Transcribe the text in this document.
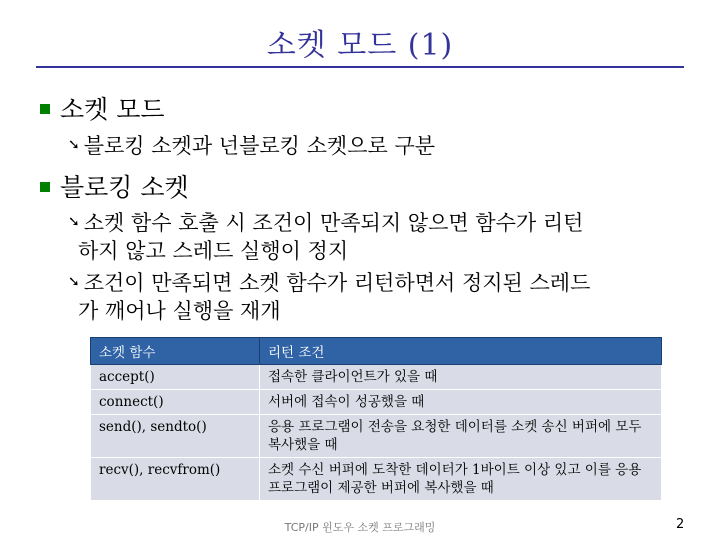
소켓 모드 (1)
소켓 모드
➘ 블로킹 소켓과 넌블로킹 소켓으로 구분
블로킹 소켓
➘ 소켓 함수 호출 시 조건이 만족되지 않으면 함수가 리턴
하지 않고 스레드 실행이 정지
➘ 조건이 만족되면 소켓 함수가 리턴하면서 정지된 스레드
가 깨어나 실행을 재개
소켓 함수	리턴 조건
accept()	접속한 클라이언트가 있을 때
connect()	서버에 접속이 성공했을 때
send(), sendto()	응용 프로그램이 전송을 요청한 데이터를 소켓 송신 버퍼에 모두 복사했을 때
recv(), recvfrom()	소켓 수신 버퍼에 도착한 데이터가 1바이트 이상 있고 이를 응용 프로그램이 제공한 버퍼에 복사했을 때
TCP/IP 윈도우 소켓 프로그래밍	2
